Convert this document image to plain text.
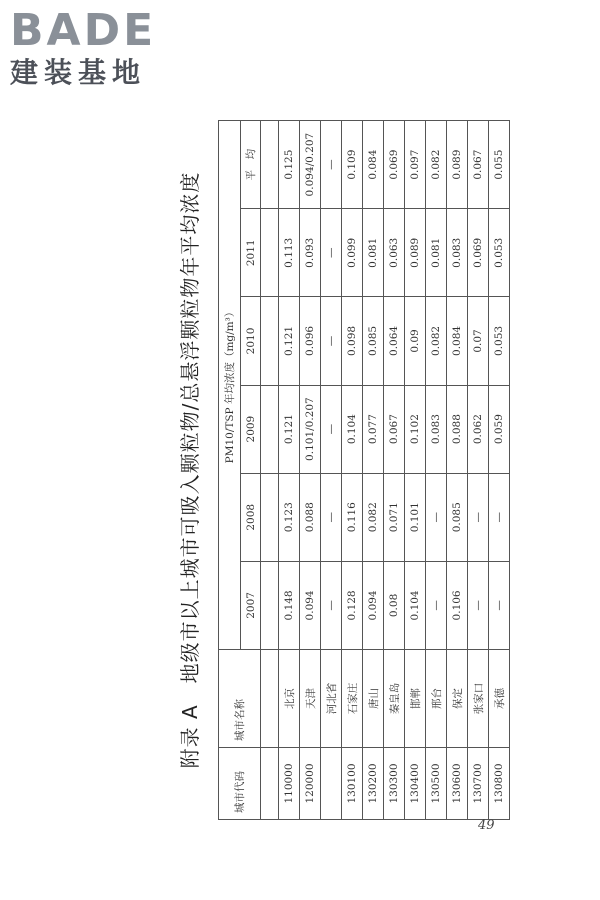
BADE
建装基地
附录 A　地级市以上城市可吸入颗粒物/总悬浮颗粒物年平均浓度
城市代码	城市名称	PM10/TSP 年均浓度（mg/m³）					
		2007	2008	2009	2010	2011	平　均

110000	北京	0.148	0.123	0.121	0.121	0.113	0.125
120000	天津	0.094	0.088	0.101/0.207	0.096	0.093	0.094/0.207
	河北省	—	—	—	—	—	—
130100	石家庄	0.128	0.116	0.104	0.098	0.099	0.109
130200	唐山	0.094	0.082	0.077	0.085	0.081	0.084
130300	秦皇岛	0.08	0.071	0.067	0.064	0.063	0.069
130400	邯郸	0.104	0.101	0.102	0.09	0.089	0.097
130500	邢台	—	—	0.083	0.082	0.081	0.082
130600	保定	0.106	0.085	0.088	0.084	0.083	0.089
130700	张家口	—	—	0.062	0.07	0.069	0.067
130800	承德	—	—	0.059	0.053	0.053	0.055
49
